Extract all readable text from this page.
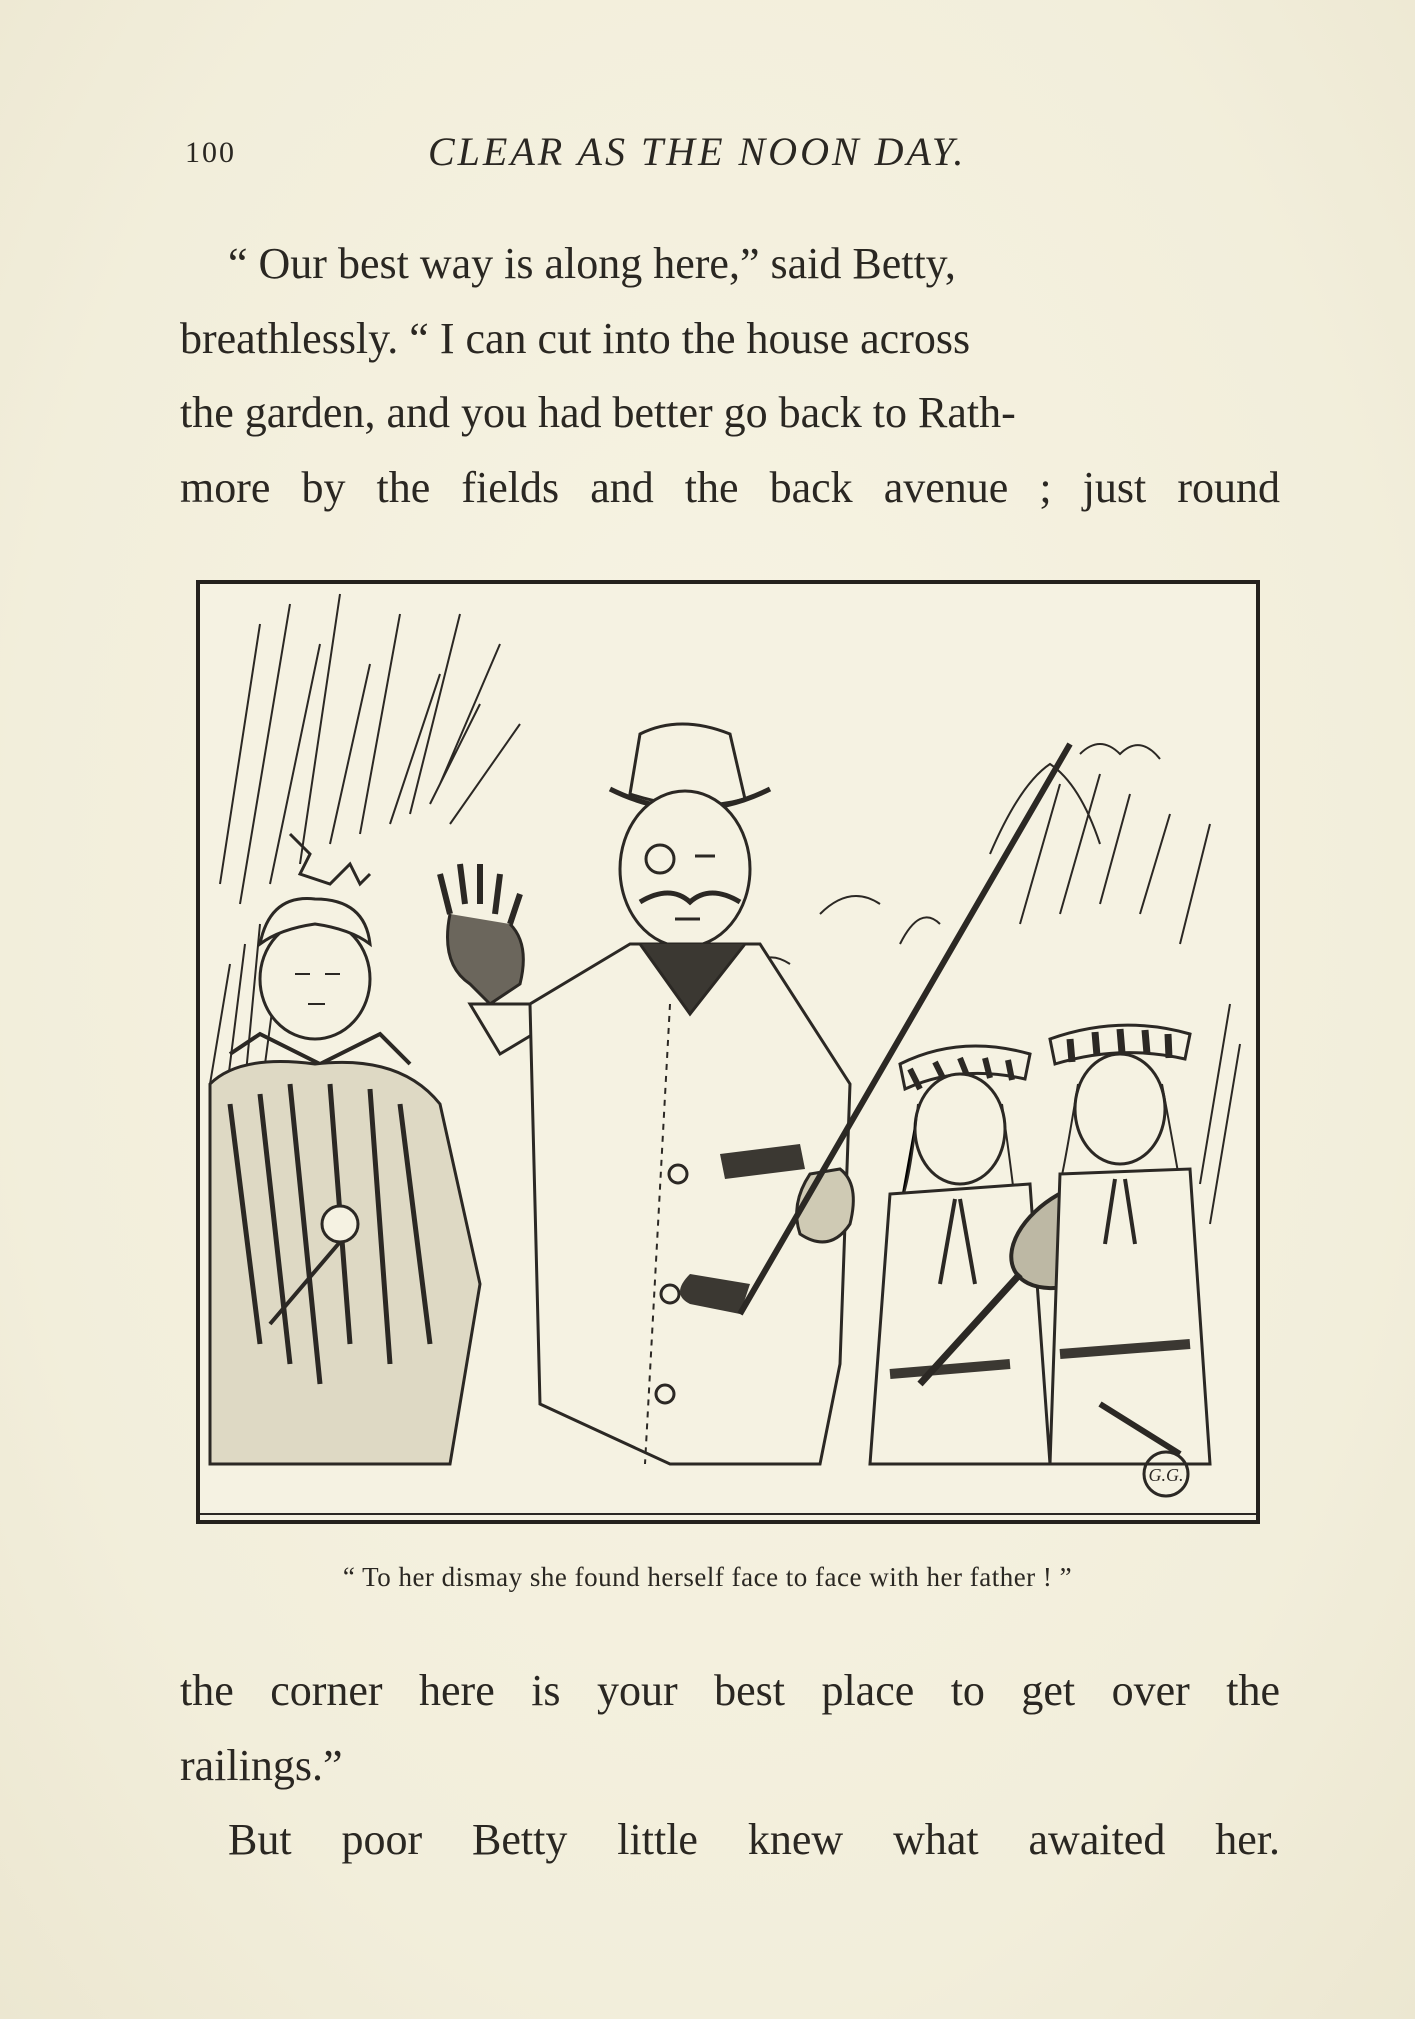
100	CLEAR AS THE NOON DAY.

“ Our best way is along here,” said Betty,

breathlessly. “ I can cut into the house across

the garden, and you had better go back to Rath-

more by the fields and the back avenue ; just round

G.G.
“ To her dismay she found herself face to face with her father ! ”

the corner here is your best place to get over the

railings.”

But poor Betty little knew what awaited her.
